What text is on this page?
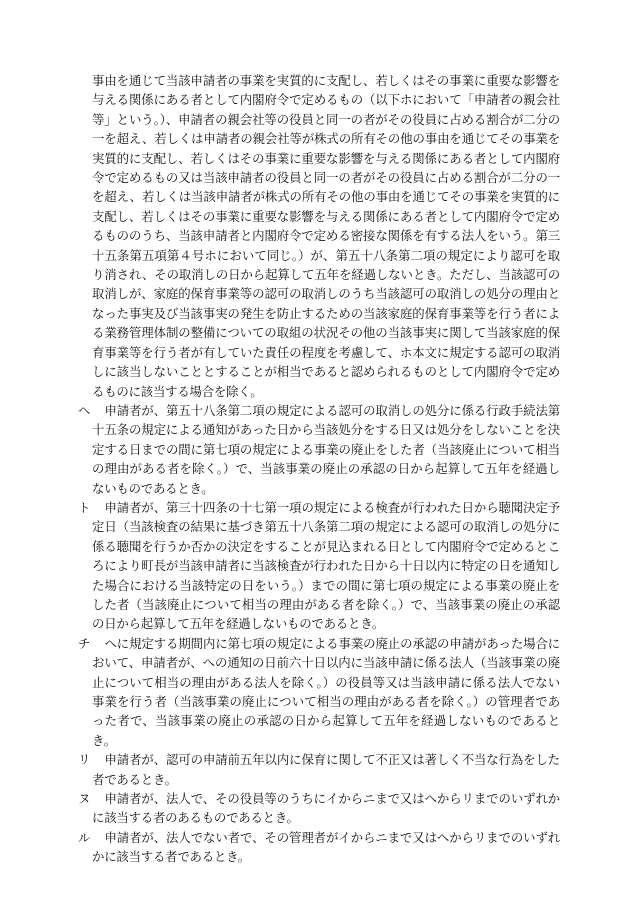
事由を通じて当該申請者の事業を実質的に支配し、若しくはその事業に重要な影響を与える関係にある者として内閣府令で定めるもの（以下ホにおいて「申請者の親会社等」という。）、申請者の親会社等の役員と同一の者がその役員に占める割合が二分の一を超え、若しくは申請者の親会社等が株式の所有その他の事由を通じてその事業を実質的に支配し、若しくはその事業に重要な影響を与える関係にある者として内閣府令で定めるもの又は当該申請者の役員と同一の者がその役員に占める割合が二分の一を超え、若しくは当該申請者が株式の所有その他の事由を通じてその事業を実質的に支配し、若しくはその事業に重要な影響を与える関係にある者として内閣府令で定めるもののうち、当該申請者と内閣府令で定める密接な関係を有する法人をいう。第三十五条第五項第４号ホにおいて同じ。）が、第五十八条第二項の規定により認可を取り消され、その取消しの日から起算して五年を経過しないとき。ただし、当該認可の取消しが、家庭的保育事業等の認可の取消しのうち当該認可の取消しの処分の理由となった事実及び当該事実の発生を防止するための当該家庭的保育事業等を行う者による業務管理体制の整備についての取組の状況その他の当該事実に関して当該家庭的保育事業等を行う者が有していた責任の程度を考慮して、ホ本文に規定する認可の取消しに該当しないこととすることが相当であると認められるものとして内閣府令で定めるものに該当する場合を除く。

ヘ　 申請者が、第五十八条第二項の規定による認可の取消しの処分に係る行政手続法第十五条の規定による通知があった日から当該処分をする日又は処分をしないことを決定する日までの間に第七項の規定による事業の廃止をした者（当該廃止について相当の理由がある者を除く。）で、当該事業の廃止の承認の日から起算して五年を経過しないものであるとき。

ト　 申請者が、第三十四条の十七第一項の規定による検査が行われた日から聴聞決定予定日（当該検査の結果に基づき第五十八条第二項の規定による認可の取消しの処分に係る聴聞を行うか否かの決定をすることが見込まれる日として内閣府令で定めるところにより町長が当該申請者に当該検査が行われた日から十日以内に特定の日を通知した場合における当該特定の日をいう。）までの間に第七項の規定による事業の廃止をした者（当該廃止について相当の理由がある者を除く。）で、当該事業の廃止の承認の日から起算して五年を経過しないものであるとき。

チ　 へに規定する期間内に第七項の規定による事業の廃止の承認の申請があった場合において、申請者が、への通知の日前六十日以内に当該申請に係る法人（当該事業の廃止について相当の理由がある法人を除く。）の役員等又は当該申請に係る法人でない事業を行う者（当該事業の廃止について相当の理由がある者を除く。）の管理者であった者で、当該事業の廃止の承認の日から起算して五年を経過しないものであるとき。

リ　 申請者が、認可の申請前五年以内に保育に関して不正又は著しく不当な行為をした者であるとき。

ヌ　 申請者が、法人で、その役員等のうちにイからニまで又はへからリまでのいずれかに該当する者のあるものであるとき。

ル　 申請者が、法人でない者で、その管理者がイからニまで又はへからリまでのいずれかに該当する者であるとき。
